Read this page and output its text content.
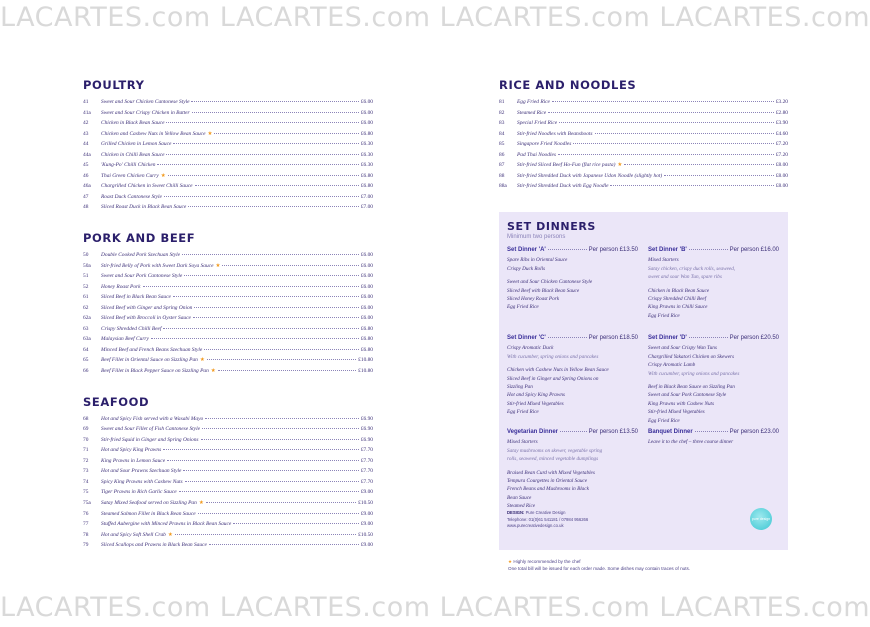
LACARTES.com LACARTES.com LACARTES.com LACARTES.com
POULTRY
41	Sweet and Sour Chicken Cantonese Style	£6.00
41a	Sweet and Sour Crispy Chicken in Batter	£6.00
42	Chicken in Black Bean Sauce	£6.00
43	Chicken and Cashew Nuts in Yellow Bean Sauce ★	£6.80
44	Grilled Chicken in Lemon Sauce	£6.30
44a	Chicken in Chilli Bean Sauce	£6.30
45	'Kung-Po' Chilli Chicken	£6.30
46	Thai Green Chicken Curry ★	£6.80
46a	Chargrilled Chicken in Sweet Chilli Sauce	£6.80
47	Roast Duck Cantonese Style	£7.00
48	Sliced Roast Duck in Black Bean Sauce	£7.00
PORK AND BEEF
50	Double Cooked Pork Szechuan Style	£6.00
50a	Stir-fried Belly of Pork with Sweet Dark Soya Sauce ★	£6.00
51	Sweet and Sour Pork Cantonese Style	£6.00
52	Honey Roast Pork	£6.00
61	Sliced Beef in Black Bean Sauce	£6.00
62	Sliced Beef with Ginger and Spring Onion	£6.00
62a	Sliced Beef with Broccoli in Oyster Sauce	£6.00
63	Crispy Shredded Chilli Beef	£6.80
63a	Malaysian Beef Curry	£6.80
64	Minced Beef and French Beans Szechuan Style	£6.80
65	Beef Fillet in Oriental Sauce on Sizzling Pan ★	£10.80
66	Beef Fillet in Black Pepper Sauce on Sizzling Pan ★	£10.80
SEAFOOD
68	Hot and Spicy Fish served with a Wasabi Mayo	£6.90
69	Sweet and Sour Fillet of Fish Cantonese Style	£6.90
70	Stir-fried Squid in Ginger and Spring Onions	£6.90
71	Hot and Spicy King Prawns	£7.70
72	King Prawns in Lemon Sauce	£7.70
73	Hot and Sour Prawns Szechuan Style	£7.70
74	Spicy King Prawns with Cashew Nuts	£7.70
75	Tiger Prawns in Rich Garlic Sauce	£9.00
75a	Satay Mixed Seafood served on Sizzling Pan ★	£10.50
76	Steamed Salmon Fillet in Black Bean Sauce	£9.00
77	Stuffed Aubergine with Minced Prawns in Black Bean Sauce	£9.00
78	Hot and Spicy Soft Shell Crab ★	£10.50
79	Sliced Scallops and Prawns in Black Bean Sauce	£9.00
RICE AND NOODLES
81	Egg Fried Rice	£3.20
82	Steamed Rice	£2.80
83	Special Fried Rice	£3.90
84	Stir-fried Noodles with Beanshoots	£4.60
85	Singapore Fried Noodles	£7.20
86	Pad Thai Noodles	£7.20
87	Stir-fried Sliced Beef Ho-Fun (flat rice pasta) ★	£8.00
88	Stir-fried Shredded Duck with Japanese Udon Noodle (slightly hot)	£8.00
88a	Stir-fried Shredded Duck with Egg Noodle	£8.00
SET DINNERS
Minimum two persons
DESIGN: Pure Creative Design
Telephone: 01(0)61 541181 / 07984 956266
www.purecreativedesign.co.uk
pure design
Set Dinner 'A'	Per person £13.50
Spare Ribs in Oriental Sauce
Crispy Duck Rolls
Sweet and Sour Chicken Cantonese Style
Sliced Beef with Black Bean Sauce
Sliced Honey Roast Pork
Egg Fried Rice
Set Dinner 'B'	Per person £16.00
Mixed Starters
Satay chicken, crispy duck rolls, seaweed,
sweet and sour Wan Tun, spare ribs
Chicken in Black Bean Sauce
Crispy Shredded Chilli Beef
King Prawns in Chilli Sauce
Egg Fried Rice
Set Dinner 'C'	Per person £18.50
Crispy Aromatic Duck
With cucumber, spring onions and pancakes
Chicken with Cashew Nuts in Yellow Bean Sauce
Sliced Beef in Ginger and Spring Onions on
Sizzling Pan
Hot and Spicy King Prawns
Stir-fried Mixed Vegetables
Egg Fried Rice
Set Dinner 'D'	Per person £20.50
Sweet and Sour Crispy Wan Tuns
Chargrilled Yakatori Chicken on Skewers
Crispy Aromatic Lamb
With cucumber, spring onions and pancakes
Beef in Black Bean Sauce on Sizzling Pan
Sweet and Sour Pork Cantonese Style
King Prawns with Cashew Nuts
Stir-fried Mixed Vegetables
Egg Fried Rice
Vegetarian Dinner	Per person £13.50
Mixed Starters
Satay mushrooms on skewer, vegetable spring
rolls, seaweed, minced vegetable dumplings
Braised Bean Curd with Mixed Vegetables
Tempura Courgettes in Oriental Sauce
French Beans and Mushrooms in Black
Bean Sauce
Steamed Rice
Banquet Dinner	Per person £23.00
Leave it to the chef – three course dinner
★ Highly recommended by the chef
One total bill will be issued for each order made. Some dishes may contain traces of nuts.
LACARTES.com LACARTES.com LACARTES.com LACARTES.com
